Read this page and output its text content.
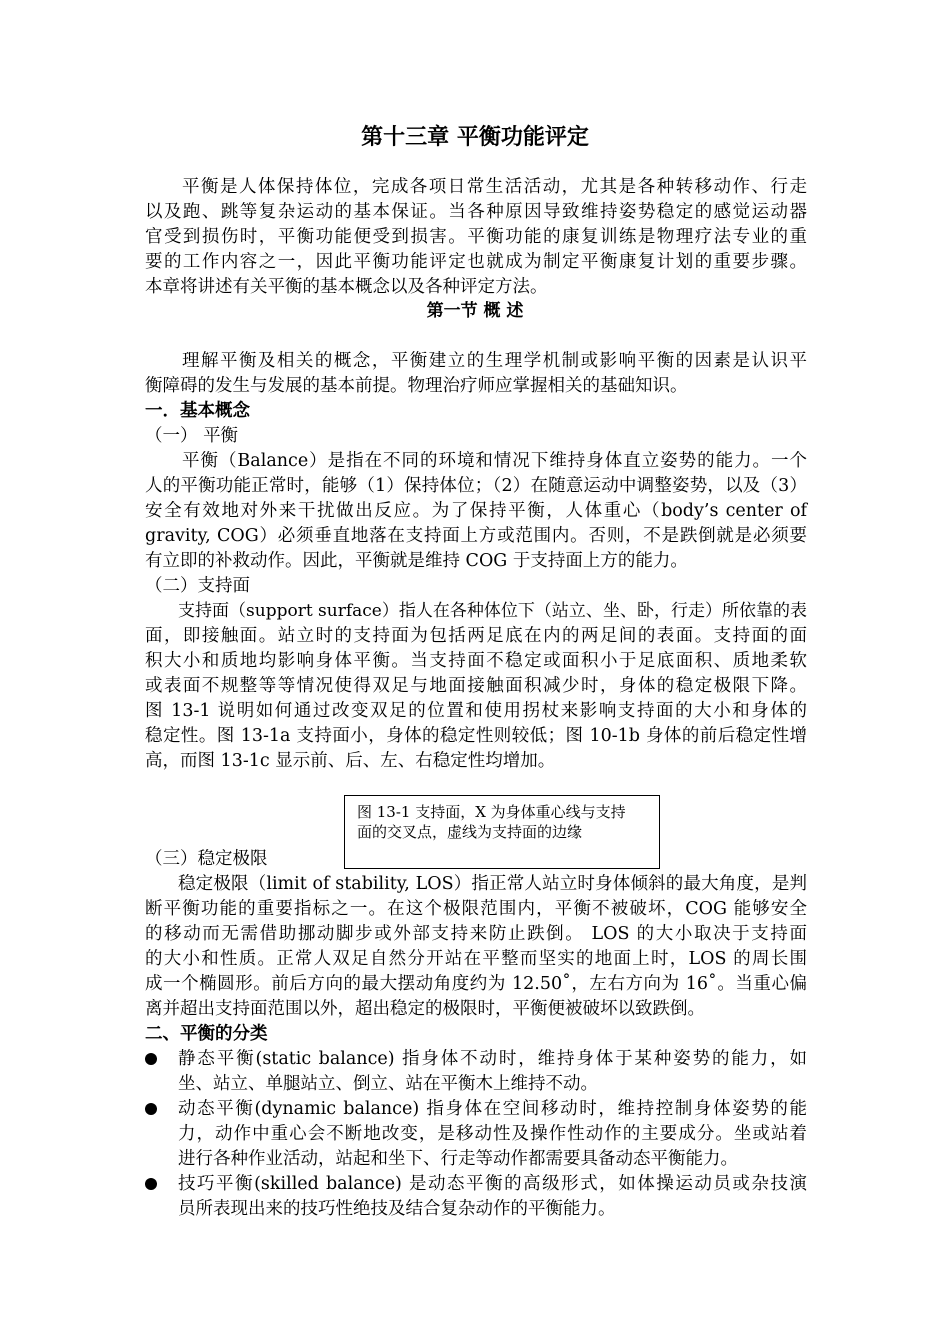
第十三章 平衡功能评定
平衡是人体保持体位，完成各项日常生活活动，尤其是各种转移动作、行走
以及跑、跳等复杂运动的基本保证。当各种原因导致维持姿势稳定的感觉运动器
官受到损伤时，平衡功能便受到损害。平衡功能的康复训练是物理疗法专业的重
要的工作内容之一，因此平衡功能评定也就成为制定平衡康复计划的重要步骤。
本章将讲述有关平衡的基本概念以及各种评定方法。
第一节 概 述
理解平衡及相关的概念，平衡建立的生理学机制或影响平衡的因素是认识平
衡障碍的发生与发展的基本前提。物理治疗师应掌握相关的基础知识。
一．基本概念
（一） 平衡
平衡（Balance）是指在不同的环境和情况下维持身体直立姿势的能力。一个
人的平衡功能正常时，能够（1）保持体位；（2）在随意运动中调整姿势，以及（3）
安全有效地对外来干扰做出反应。为了保持平衡，人体重心（body’s center of
gravity, COG）必须垂直地落在支持面上方或范围内。否则，不是跌倒就是必须要
有立即的补救动作。因此，平衡就是维持 COG 于支持面上方的能力。
（二）支持面
支持面（support surface）指人在各种体位下（站立、坐、卧，行走）所依靠的表
面，即接触面。站立时的支持面为包括两足底在内的两足间的表面。支持面的面
积大小和质地均影响身体平衡。当支持面不稳定或面积小于足底面积、质地柔软
或表面不规整等等情况使得双足与地面接触面积减少时，身体的稳定极限下降。
图 13-1 说明如何通过改变双足的位置和使用拐杖来影响支持面的大小和身体的
稳定性。图 13-1a 支持面小，身体的稳定性则较低；图 10-1b 身体的前后稳定性增
高，而图 13-1c 显示前、后、左、右稳定性均增加。
图 13-1 支持面，X 为身体重心线与支持
面的交叉点，虚线为支持面的边缘
（三）稳定极限
稳定极限（limit of stability, LOS）指正常人站立时身体倾斜的最大角度，是判
断平衡功能的重要指标之一。在这个极限范围内，平衡不被破坏，COG 能够安全
的移动而无需借助挪动脚步或外部支持来防止跌倒。 LOS 的大小取决于支持面
的大小和性质。正常人双足自然分开站在平整而坚实的地面上时，LOS 的周长围
成一个椭圆形。前后方向的最大摆动角度约为 12.50˚，左右方向为 16˚。当重心偏
离并超出支持面范围以外，超出稳定的极限时，平衡便被破坏以致跌倒。
二、平衡的分类
静态平衡(static balance) 指身体不动时，维持身体于某种姿势的能力，如
坐、站立、单腿站立、倒立、站在平衡木上维持不动。
动态平衡(dynamic balance) 指身体在空间移动时，维持控制身体姿势的能
力，动作中重心会不断地改变，是移动性及操作性动作的主要成分。坐或站着
进行各种作业活动，站起和坐下、行走等动作都需要具备动态平衡能力。
技巧平衡(skilled balance) 是动态平衡的高级形式，如体操运动员或杂技演
员所表现出来的技巧性绝技及结合复杂动作的平衡能力。
